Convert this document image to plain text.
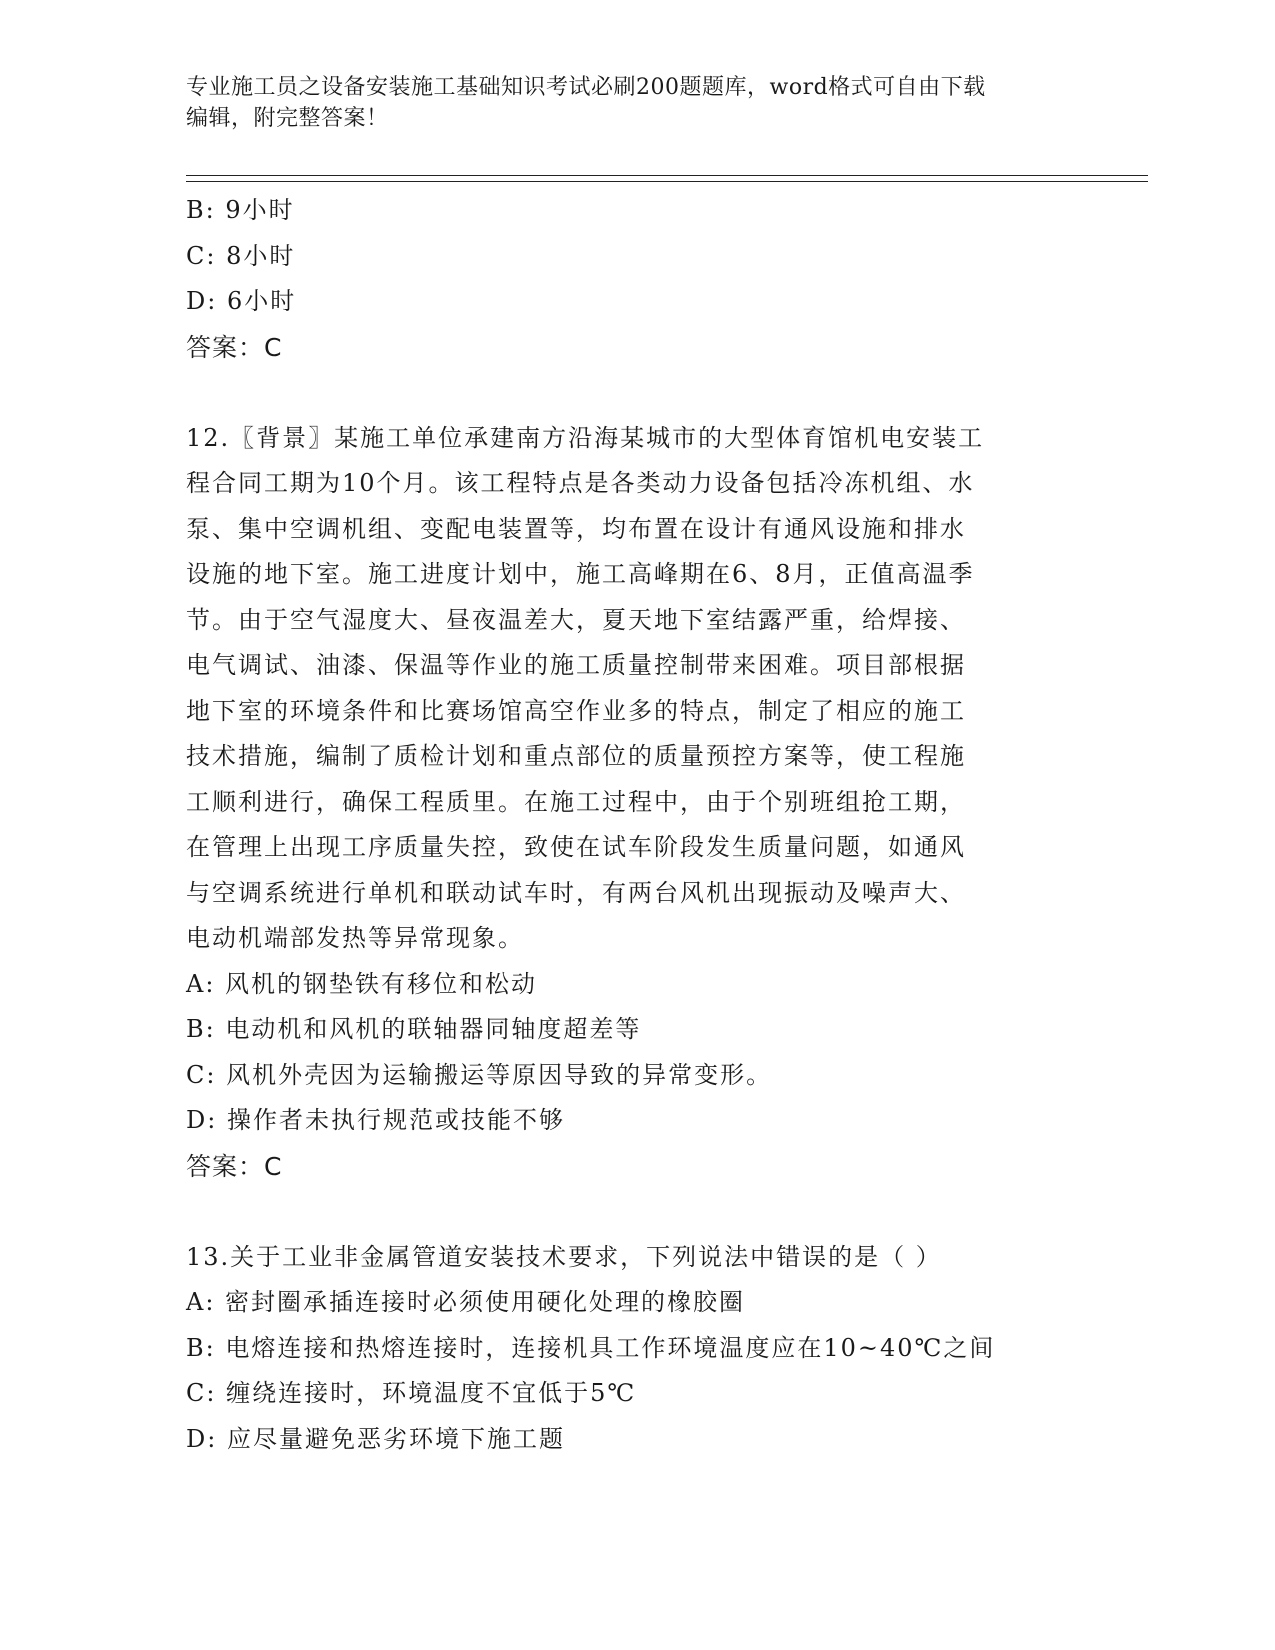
专业施工员之设备安装施工基础知识考试必刷200题题库，word格式可自由下载
编辑，附完整答案！
B: 9小时
C: 8小时
D: 6小时
答案：C
12.〖背景〗某施工单位承建南方沿海某城市的大型体育馆机电安装工
程合同工期为10个月。该工程特点是各类动力设备包括冷冻机组、水
泵、集中空调机组、变配电装置等，均布置在设计有通风设施和排水
设施的地下室。施工进度计划中，施工高峰期在6、8月，正值高温季
节。由于空气湿度大、昼夜温差大，夏天地下室结露严重，给焊接、
电气调试、油漆、保温等作业的施工质量控制带来困难。项目部根据
地下室的环境条件和比赛场馆高空作业多的特点，制定了相应的施工
技术措施，编制了质检计划和重点部位的质量预控方案等，使工程施
工顺利进行，确保工程质里。在施工过程中，由于个别班组抢工期，
在管理上出现工序质量失控，致使在试车阶段发生质量问题，如通风
与空调系统进行单机和联动试车时，有两台风机出现振动及噪声大、
电动机端部发热等异常现象。
A: 风机的钢垫铁有移位和松动
B: 电动机和风机的联轴器同轴度超差等
C: 风机外壳因为运输搬运等原因导致的异常变形。
D: 操作者未执行规范或技能不够
答案：C
13.关于工业非金属管道安装技术要求，下列说法中错误的是（ ）
A: 密封圈承插连接时必须使用硬化处理的橡胶圈
B: 电熔连接和热熔连接时，连接机具工作环境温度应在10~40℃之间
C: 缠绕连接时，环境温度不宜低于5℃
D: 应尽量避免恶劣环境下施工题
